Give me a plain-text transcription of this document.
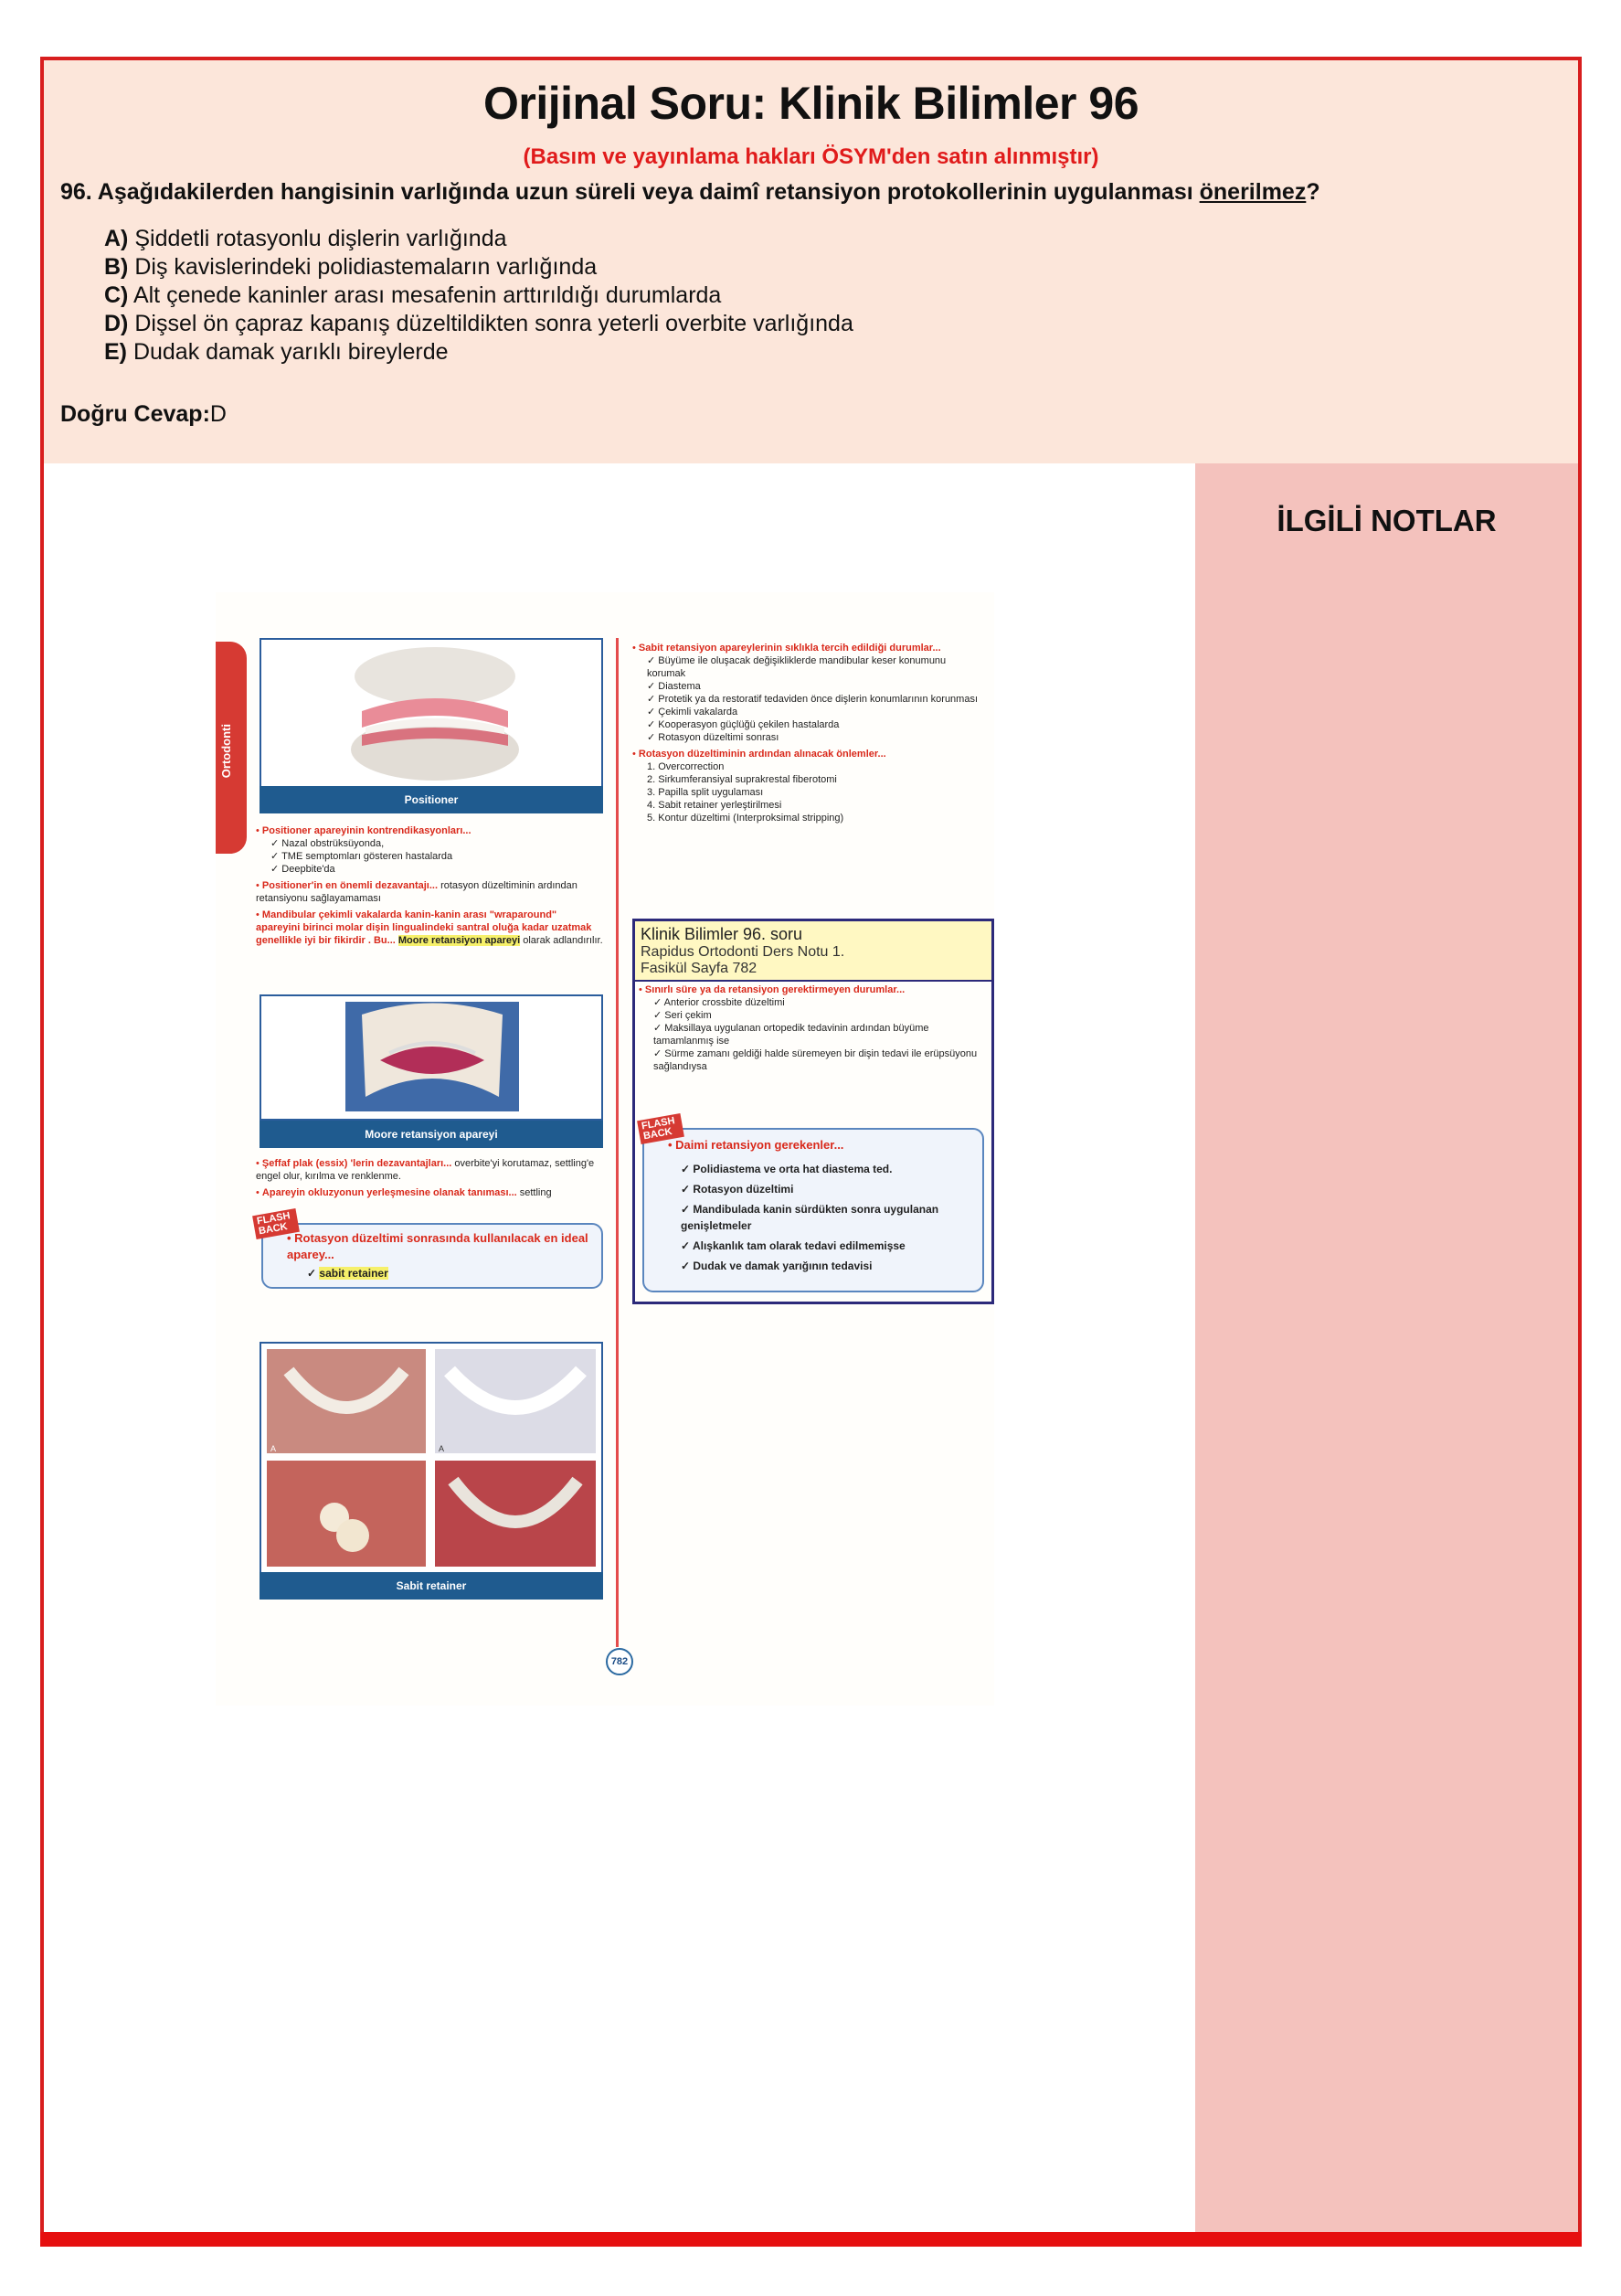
Orijinal Soru: Klinik Bilimler 96
(Basım ve yayınlama hakları ÖSYM'den satın alınmıştır)
96. Aşağıdakilerden hangisinin varlığında uzun süreli veya daimî retansiyon protokollerinin uygulanması önerilmez?
A) Şiddetli rotasyonlu dişlerin varlığında
B) Diş kavislerindeki polidiastemaların varlığında
C) Alt çenede kaninler arası mesafenin arttırıldığı durumlarda
D) Dişsel ön çapraz kapanış düzeltildikten sonra yeterli overbite varlığında
E) Dudak damak yarıklı bireylerde
Doğru Cevap:D
İLGİLİ NOTLAR
Ortodonti
Positioner
• Positioner apareyinin kontrendikasyonları...
✓ Nazal obstrüksüyonda,
✓ TME semptomları gösteren hastalarda
✓ Deepbite'da
• Positioner'in en önemli dezavantajı... rotasyon düzeltiminin ardından retansiyonu sağlayamaması
• Mandibular çekimli vakalarda kanin-kanin arası "wraparound" apareyini birinci molar dişin lingualindeki santral oluğa kadar uzatmak genellikle iyi bir fikirdir . Bu... Moore retansiyon apareyi olarak adlandırılır.
Moore retansiyon apareyi
• Şeffaf plak (essix) 'lerin dezavantajları... overbite'yi korutamaz, settling'e engel olur, kırılma ve renklenme.
• Apareyin okluzyonun yerleşmesine olanak tanıması... settling
FLASH BACK
• Rotasyon düzeltimi sonrasında kullanılacak en ideal aparey...
✓ sabit retainer
A	A
Sabit retainer
782
• Sabit retansiyon apareylerinin sıklıkla tercih edildiği durumlar...
✓ Büyüme ile oluşacak değişikliklerde mandibular keser konumunu korumak
✓ Diastema
✓ Protetik ya da restoratif tedaviden önce dişlerin konumlarının korunması
✓ Çekimli vakalarda
✓ Kooperasyon güçlüğü çekilen hastalarda
✓ Rotasyon düzeltimi sonrası
• Rotasyon düzeltiminin ardından alınacak önlemler...
1. Overcorrection
2. Sirkumferansiyal suprakrestal fiberotomi
3. Papilla split uygulaması
4. Sabit retainer yerleştirilmesi
5. Kontur düzeltimi (Interproksimal stripping)
Klinik Bilimler 96. soru
Rapidus Ortodonti Ders Notu 1.
Fasikül Sayfa 782
• Sınırlı süre ya da retansiyon gerektirmeyen durumlar...
✓ Anterior crossbite düzeltimi
✓ Seri çekim
✓ Maksillaya uygulanan ortopedik tedavinin ardından büyüme tamamlanmış ise
✓ Sürme zamanı geldiği halde süremeyen bir dişin tedavi ile erüpsüyonu sağlandıysa
FLASH BACK
• Daimi retansiyon gerekenler...
✓ Polidiastema ve orta hat diastema ted.
✓ Rotasyon düzeltimi
✓ Mandibulada kanin sürdükten sonra uygulanan genişletmeler
✓ Alışkanlık tam olarak tedavi edilmemişse
✓ Dudak ve damak yarığının tedavisi
